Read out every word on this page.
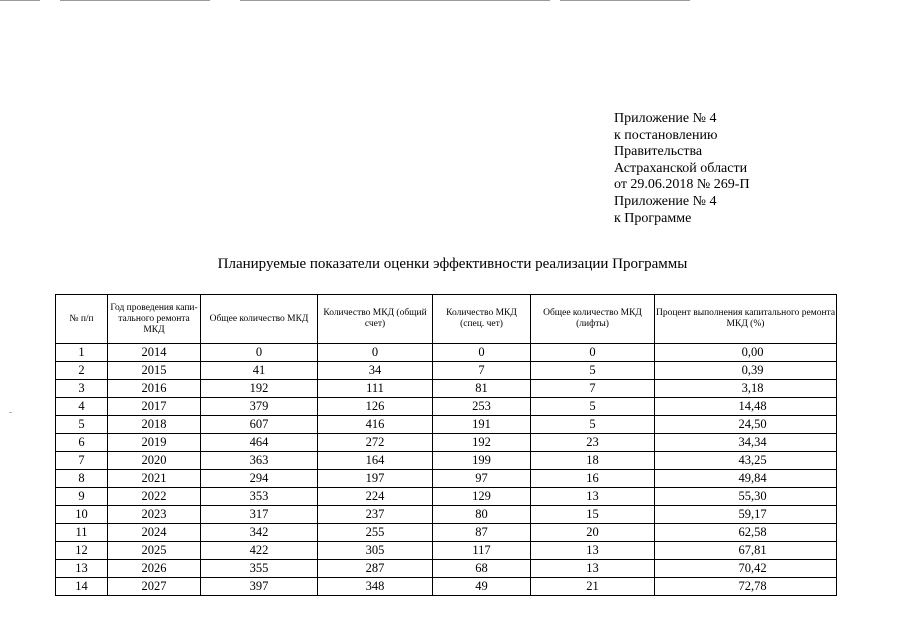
Приложение № 4
к постановлению
Правительства
Астраханской области
от 29.06.2018 № 269-П
Приложение № 4
к Программе
Планируемые показатели оценки эффективности реализации Программы
№ п/п	Год проведения капи-тального ремонта МКД	Общее количество МКД	Количество МКД (общий счет)	Количество МКД (спец. чет)	Общее количество МКД (лифты)	Процент выполнения капитального ремонта МКД (%)
1	2014	0	0	0	0	0,00
2	2015	41	34	7	5	0,39
3	2016	192	111	81	7	3,18
4	2017	379	126	253	5	14,48
5	2018	607	416	191	5	24,50
6	2019	464	272	192	23	34,34
7	2020	363	164	199	18	43,25
8	2021	294	197	97	16	49,84
9	2022	353	224	129	13	55,30
10	2023	317	237	80	15	59,17
11	2024	342	255	87	20	62,58
12	2025	422	305	117	13	67,81
13	2026	355	287	68	13	70,42
14	2027	397	348	49	21	72,78
